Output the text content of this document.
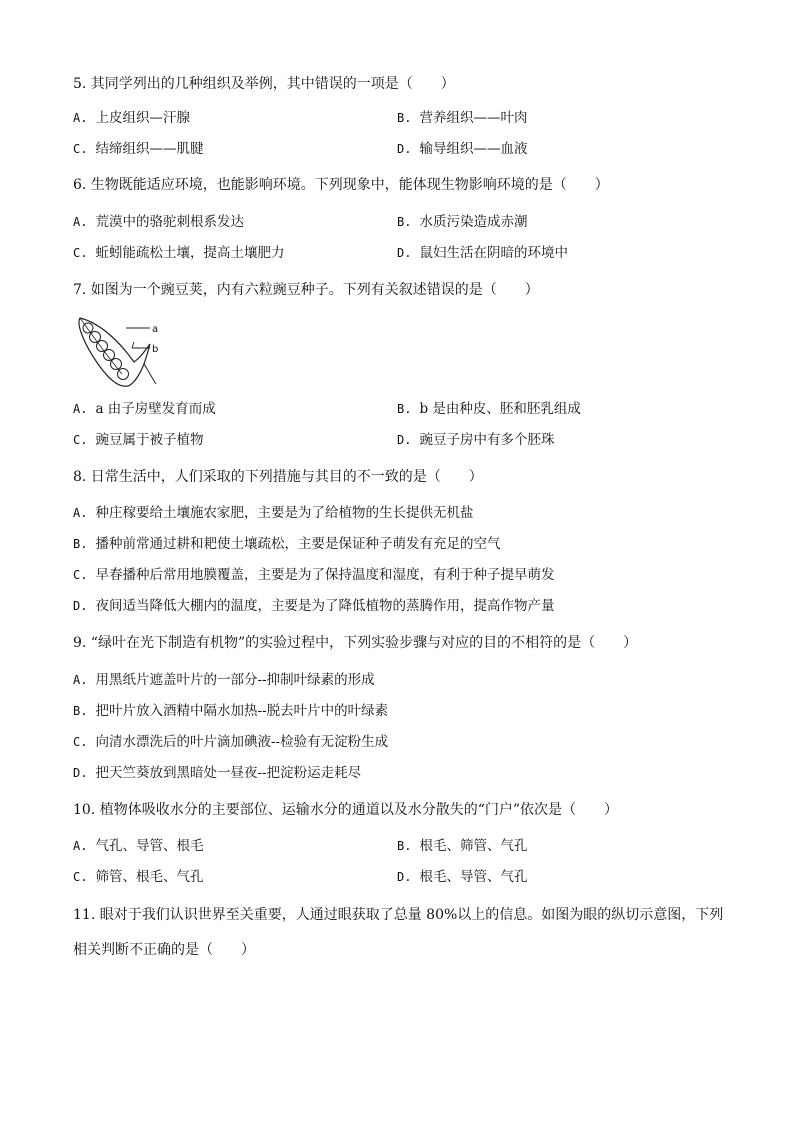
5. 其同学列出的几种组织及举例，其中错误的一项是（　　）
A. 上皮组织—汗腺	B. 营养组织——叶肉
C. 结缔组织——肌腱	D. 输导组织——血液
6. 生物既能适应环境，也能影响环境。下列现象中，能体现生物影响环境的是（　　）
A. 荒漠中的骆驼刺根系发达	B. 水质污染造成赤潮
C. 蚯蚓能疏松土壤，提高土壤肥力	D. 鼠妇生活在阴暗的环境中
7. 如图为一个豌豆荚，内有六粒豌豆种子。下列有关叙述错误的是（　　）
a
b
A. a 由子房壁发育而成	B. b 是由种皮、胚和胚乳组成
C. 豌豆属于被子植物	D. 豌豆子房中有多个胚珠
8. 日常生活中，人们采取的下列措施与其目的不一致的是（　　）
A. 种庄稼要给土壤施农家肥，主要是为了给植物的生长提供无机盐
B. 播种前常通过耕和耙使土壤疏松，主要是保证种子萌发有充足的空气
C. 早春播种后常用地膜覆盖，主要是为了保持温度和湿度，有利于种子提早萌发
D. 夜间适当降低大棚内的温度，主要是为了降低植物的蒸腾作用，提高作物产量
9. “绿叶在光下制造有机物”的实验过程中，下列实验步骤与对应的目的不相符的是（　　）
A. 用黑纸片遮盖叶片的一部分--抑制叶绿素的形成
B. 把叶片放入酒精中隔水加热--脱去叶片中的叶绿素
C. 向清水漂洗后的叶片滴加碘液--检验有无淀粉生成
D. 把天竺葵放到黑暗处一昼夜--把淀粉运走耗尽
10. 植物体吸收水分的主要部位、运输水分的通道以及水分散失的“门户”依次是（　　）
A. 气孔、导管、根毛	B. 根毛、筛管、气孔
C. 筛管、根毛、气孔	D. 根毛、导管、气孔
11. 眼对于我们认识世界至关重要，人通过眼获取了总量 80%以上的信息。如图为眼的纵切示意图，下列
相关判断不正确的是（　　）
